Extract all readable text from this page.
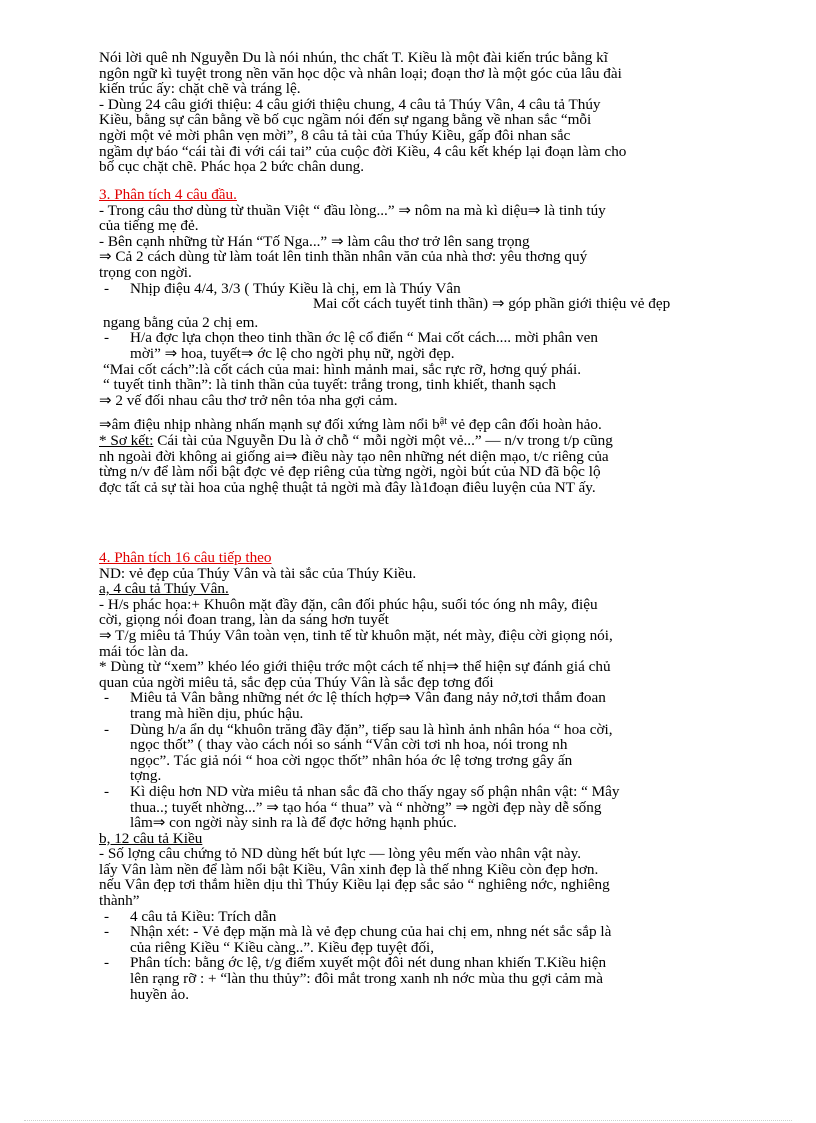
Nói lời quê nh Nguyễn Du là nói nhún, thc chất T. Kiều là một đài kiến trúc bằng kĩ

ngôn ngữ kì tuyệt trong nền văn học dộc và nhân loại; đoạn thơ là một góc của lâu đài

kiến trúc ấy: chặt chẽ và tráng lệ.

- Dùng 24 câu giới thiệu: 4 câu giới thiệu chung, 4 câu tả Thúy Vân, 4 câu tả Thúy

Kiều, bằng sự cân bằng về bố cục ngầm nói đến sự ngang bằng về nhan sắc “mỗi

ngời một vẻ mời phân vẹn mời”, 8 câu tả tài của Thúy Kiều, gấp đôi nhan sắc

ngầm dự báo “cái tài đi với cái tai” của cuộc đời Kiều, 4 câu kết khép lại đoạn làm cho

bố cục chặt chẽ. Phác họa 2 bức chân dung.

3. Phân tích 4 câu đầu.

- Trong câu thơ dùng từ thuần Việt “ đầu lòng...” ⇒ nôm na mà kì diệu⇒ là tinh túy

của tiếng mẹ đẻ.

- Bên cạnh những từ Hán “Tố Nga...” ⇒ làm câu thơ trở lên sang trọng

⇒ Cả 2 cách dùng từ làm toát lên tinh thần nhân văn của nhà thơ: yêu thơng quý

trọng con ngời.

- Nhịp điệu 4/4, 3/3 ( Thúy Kiều là chị, em là Thúy Vân

Mai cốt cách tuyết tinh thần) ⇒ góp phần giới thiệu vẻ đẹp

ngang bằng của 2 chị em.

- H/a đợc lựa chọn theo tinh thần ớc lệ cổ điển “ Mai cốt cách.... mời phân ven

mời” ⇒ hoa, tuyết⇒ ớc lệ cho ngời phụ nữ, ngời đẹp.

“Mai cốt cách”:là cốt cách của mai: hình mảnh mai, sắc rực rỡ, hơng quý phái.

“ tuyết tinh thần”: là tinh thần của tuyết: trắng trong, tinh khiết, thanh sạch

⇒ 2 vế đối nhau câu thơ trở nên tỏa nha gợi cảm.

⇒âm điệu nhịp nhàng nhấn mạnh sự đối xứng làm nổi $b^{ật}$ vẻ đẹp cân đối hoàn hảo.

* Sơ kết: Cái tài của Nguyễn Du là ở chỗ “ mỗi ngời một vẻ...” — n/v trong t/p cũng

nh ngoài đời không ai giống ai⇒ điều này tạo nên những nét diện mạo, t/c riêng của

từng n/v để làm nổi bật đợc vẻ đẹp riêng của từng ngời, ngòi bút của ND đã bộc lộ

đợc tất cả sự tài hoa của nghệ thuật tả ngời mà đây là1đoạn điêu luyện của NT ấy.

4. Phân tích 16 câu tiếp theo

ND: vẻ đẹp của Thúy Vân và tài sắc của Thúy Kiều.

a, 4 câu tả Thúy Vân.

- H/s phác họa:+ Khuôn mặt đầy đặn, cân đối phúc hậu, suối tóc óng nh mây, điệu

cời, giọng nói đoan trang, làn da sáng hơn tuyết

⇒ T/g miêu tả Thúy Vân toàn vẹn, tinh tế từ khuôn mặt, nét mày, điệu cời giọng nói,

mái tóc làn da.

* Dùng từ “xem” khéo léo giới thiệu trớc một cách tế nhị⇒ thể hiện sự đánh giá chủ

quan của ngời miêu tả, sắc đẹp của Thúy Vân là sắc đẹp tơng đối

- Miêu tả Vân bằng những nét ớc lệ thích hợp⇒ Vân đang nảy nở,tơi thắm đoan

trang mà hiền dịu, phúc hậu.

- Dùng h/a ẩn dụ “khuôn trăng đầy đặn”, tiếp sau là hình ảnh nhân hóa “ hoa cời,

ngọc thốt” ( thay vào cách nói so sánh “Vân cời tơi nh hoa, nói trong nh

ngọc”. Tác giả nói “ hoa cời ngọc thốt” nhân hóa ớc lệ tơng trơng gây ấn

tợng.

- Kì diệu hơn ND vừa miêu tả nhan sắc đã cho thấy ngay số phận nhân vật: “ Mây

thua..; tuyết nhờng...” ⇒ tạo hóa “ thua” và “ nhờng” ⇒ ngời đẹp này dễ sống

lâm⇒ con ngời này sinh ra là để đợc hởng hạnh phúc.

b, 12 câu tả Kiều

- Số lợng câu chứng tỏ ND dùng hết bút lực — lòng yêu mến vào nhân vật này.

lấy Vân làm nền để làm nổi bật Kiều, Vân xinh đẹp là thế nhng Kiều còn đẹp hơn.

nếu Vân đẹp tơi thắm hiền dịu thì Thúy Kiều lại đẹp sắc sảo “ nghiêng nớc, nghiêng

thành”

- 4 câu tả Kiều: Trích dẫn

- Nhận xét: - Vẻ đẹp mặn mà là vẻ đẹp chung của hai chị em, nhng nét sắc sắp là

của riêng Kiều “ Kiều càng..”. Kiều đẹp tuyệt đối,

- Phân tích: bằng ớc lệ, t/g điểm xuyết một đôi nét dung nhan khiến T.Kiều hiện

lên rạng rỡ : + “làn thu thủy”: đôi mắt trong xanh nh nớc mùa thu gợi cảm mà

huyền ảo.
